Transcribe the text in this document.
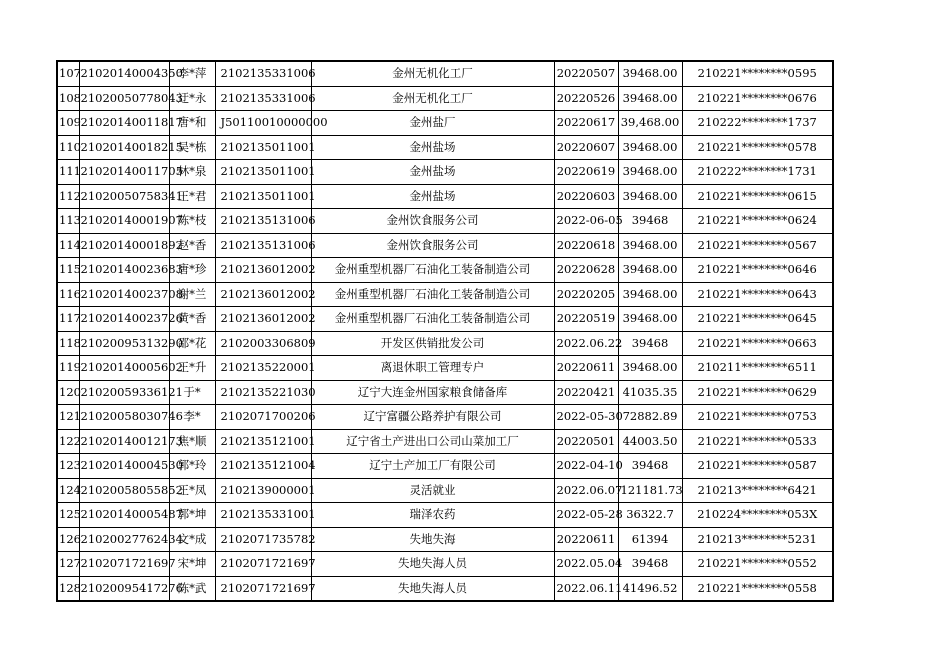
107	21020140004350	李*萍	2102135331006	金州无机化工厂	20220507	39468.00	210221********0595
108	21020050778043	迂*永	2102135331006	金州无机化工厂	20220526	39468.00	210221********0676
109	21020140011817	唐*和	J50110010000000	金州盐厂	20220617	39,468.00	210222********1737
110	21020140018215	吴*栋	2102135011001	金州盐场	20220607	39468.00	210221********0578
111	21020140011705	林*泉	2102135011001	金州盐场	20220619	39468.00	210222********1731
112	21020050758341	王*君	2102135011001	金州盐场	20220603	39468.00	210221********0615
113	21020140001907	陈*枝	2102135131006	金州饮食服务公司	2022-06-05	39468	210221********0624
114	21020140001892	赵*香	2102135131006	金州饮食服务公司	20220618	39468.00	210221********0567
115	21020140023683	唐*珍	2102136012002	金州重型机器厂石油化工装备制造公司	20220628	39468.00	210221********0646
116	21020140023708	谢*兰	2102136012002	金州重型机器厂石油化工装备制造公司	20220205	39468.00	210221********0643
117	21020140023726	黄*香	2102136012002	金州重型机器厂石油化工装备制造公司	20220519	39468.00	210221********0645
118	21020095313290	邵*花	2102003306809	开发区供销批发公司	2022.06.22	39468	210221********0663
119	21020140005602	王*升	2102135220001	离退休职工管理专户	20220611	39468.00	210211********6511
120	21020059336121	于*	2102135221030	辽宁大连金州国家粮食储备库	20220421	41035.35	210221********0629
121	21020058030746	李*	2102071700206	辽宁富疆公路养护有限公司	2022-05-30	72882.89	210221********0753
122	21020140012173	焦*顺	2102135121001	辽宁省土产进出口公司山菜加工厂	20220501	44003.50	210221********0533
123	21020140004530	郭*玲	2102135121004	辽宁土产加工厂有限公司	2022-04-10	39468	210221********0587
124	21020058055852	王*凤	2102139000001	灵活就业	2022.06.07	121181.73	210213********6421
125	21020140005487	郭*坤	2102135331001	瑞泽农药	2022-05-28	36322.7	210224********053X
126	21020027762434	文*成	2102071735782	失地失海	20220611	61394	210213********5231
127	2102071721697	宋*坤	2102071721697	失地失海人员	2022.05.04	39468	210221********0552
128	21020095417276	陈*武	2102071721697	失地失海人员	2022.06.11	41496.52	210221********0558
